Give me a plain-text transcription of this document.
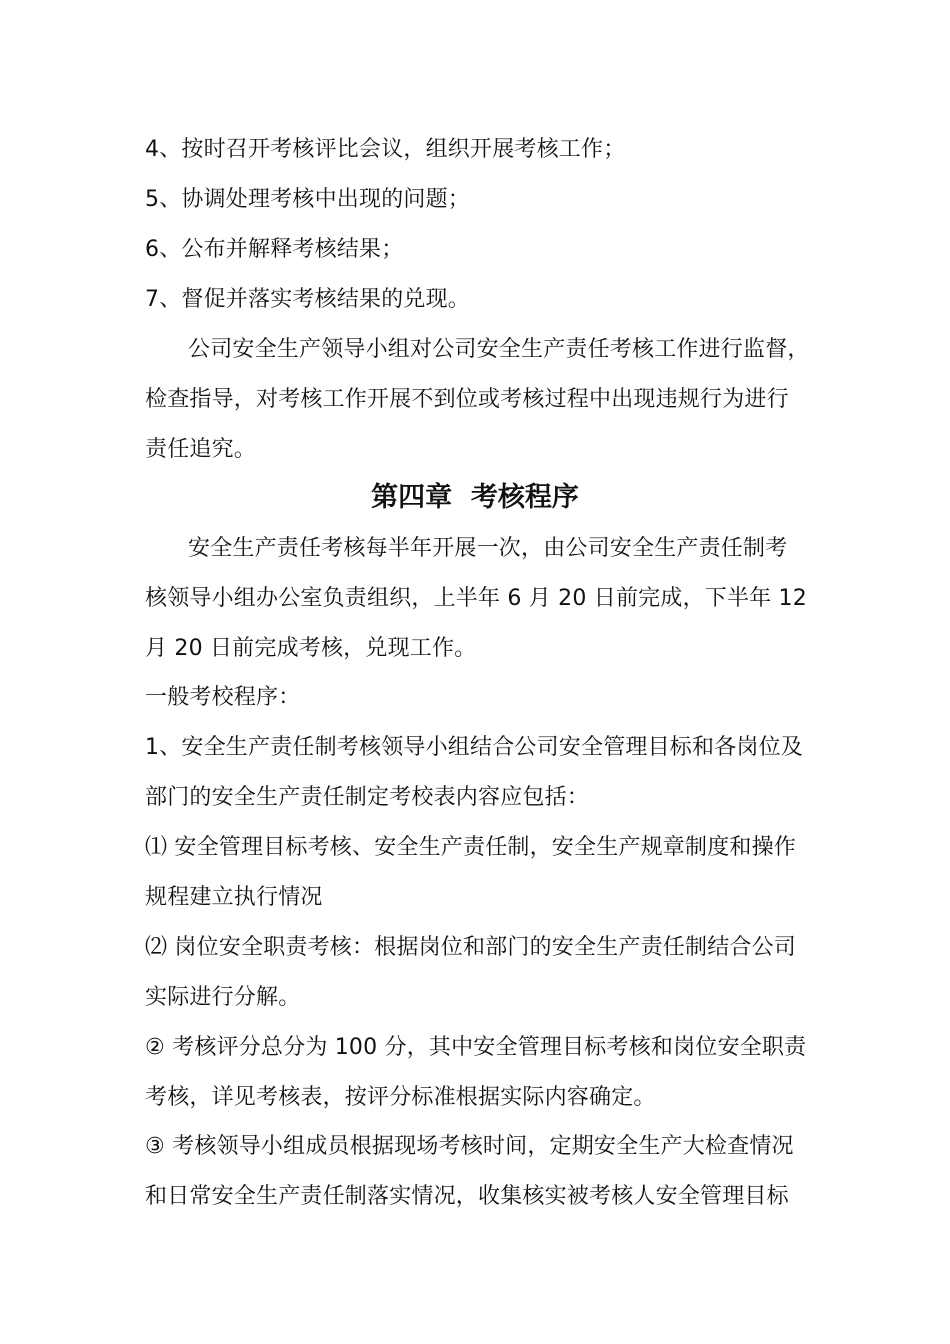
4、按时召开考核评比会议，组织开展考核工作；
5、协调处理考核中出现的问题；
6、公布并解释考核结果；
7、督促并落实考核结果的兑现。
公司安全生产领导小组对公司安全生产责任考核工作进行监督，
检查指导，对考核工作开展不到位或考核过程中出现违规行为进行
责任追究。
第四章  考核程序
安全生产责任考核每半年开展一次，由公司安全生产责任制考
核领导小组办公室负责组织，上半年 6 月 20 日前完成，下半年 12
月 20 日前完成考核，兑现工作。
一般考校程序：
1、安全生产责任制考核领导小组结合公司安全管理目标和各岗位及
部门的安全生产责任制定考校表内容应包括：
⑴ 安全管理目标考核、安全生产责任制，安全生产规章制度和操作
规程建立执行情况
⑵ 岗位安全职责考核：根据岗位和部门的安全生产责任制结合公司
实际进行分解。
② 考核评分总分为 100 分，其中安全管理目标考核和岗位安全职责
考核，详见考核表，按评分标准根据实际内容确定。
③ 考核领导小组成员根据现场考核时间，定期安全生产大检查情况
和日常安全生产责任制落实情况，收集核实被考核人安全管理目标
